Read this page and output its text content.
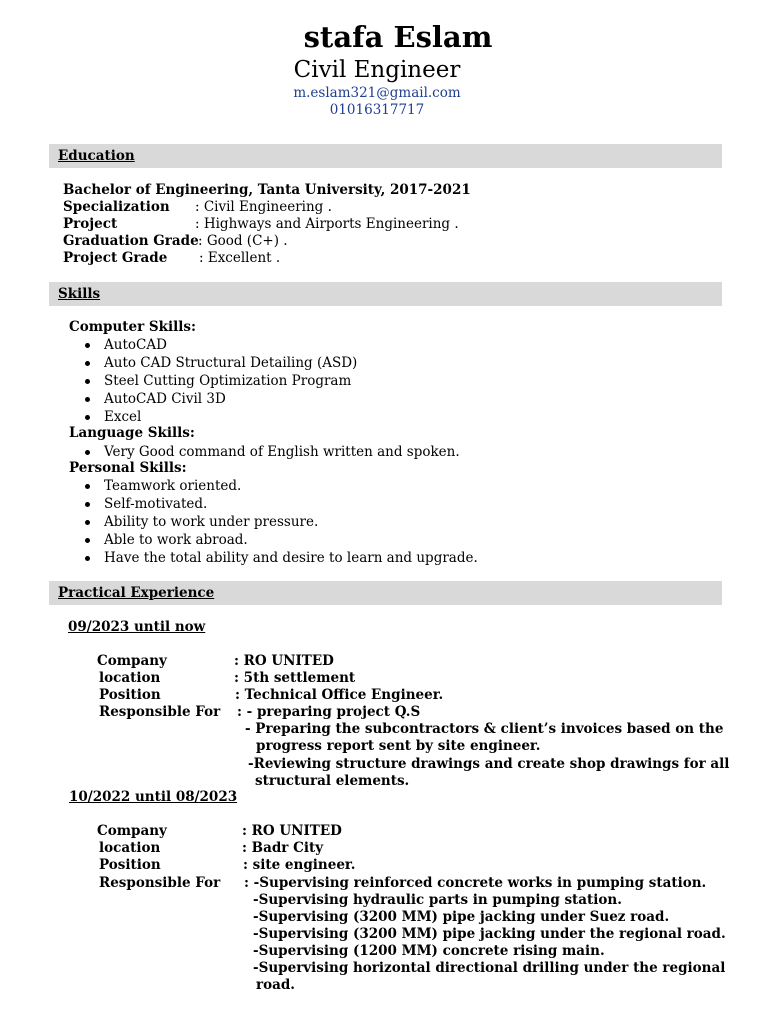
stafa Eslam
Civil Engineer
m.eslam321@gmail.com
01016317717
Education
Bachelor of Engineering, Tanta University, 2017-2021
Specialization : Civil Engineering .
Project	: Highways and Airports Engineering .
Graduation Grade : Good (C+) .
Project Grade : Excellent .
Skills
Computer Skills:
AutoCAD
Auto CAD Structural Detailing (ASD)
Steel Cutting Optimization Program
AutoCAD Civil 3D
Excel
Language Skills:
Very Good command of English written and spoken.
Personal Skills:
Teamwork oriented.
Self-motivated.
Ability to work under pressure.
Able to work abroad.
Have the total ability and desire to learn and upgrade.
Practical Experience
09/2023 until now
Company	: RO UNITED
location	: 5th settlement
Position	: Technical Office Engineer.
Responsible For : - preparing project Q.S
- Preparing the subcontractors & client’s invoices based on the
progress report sent by site engineer.
-Reviewing structure drawings and create shop drawings for all
structural elements.
10/2022 until 08/2023
Company	: RO UNITED
location	: Badr City
Position	: site engineer.
Responsible For : -Supervising reinforced concrete works in pumping station.
-Supervising hydraulic parts in pumping station.
-Supervising (3200 MM) pipe jacking under Suez road.
-Supervising (3200 MM) pipe jacking under the regional road.
-Supervising (1200 MM) concrete rising main.
-Supervising horizontal directional drilling under the regional
road.
